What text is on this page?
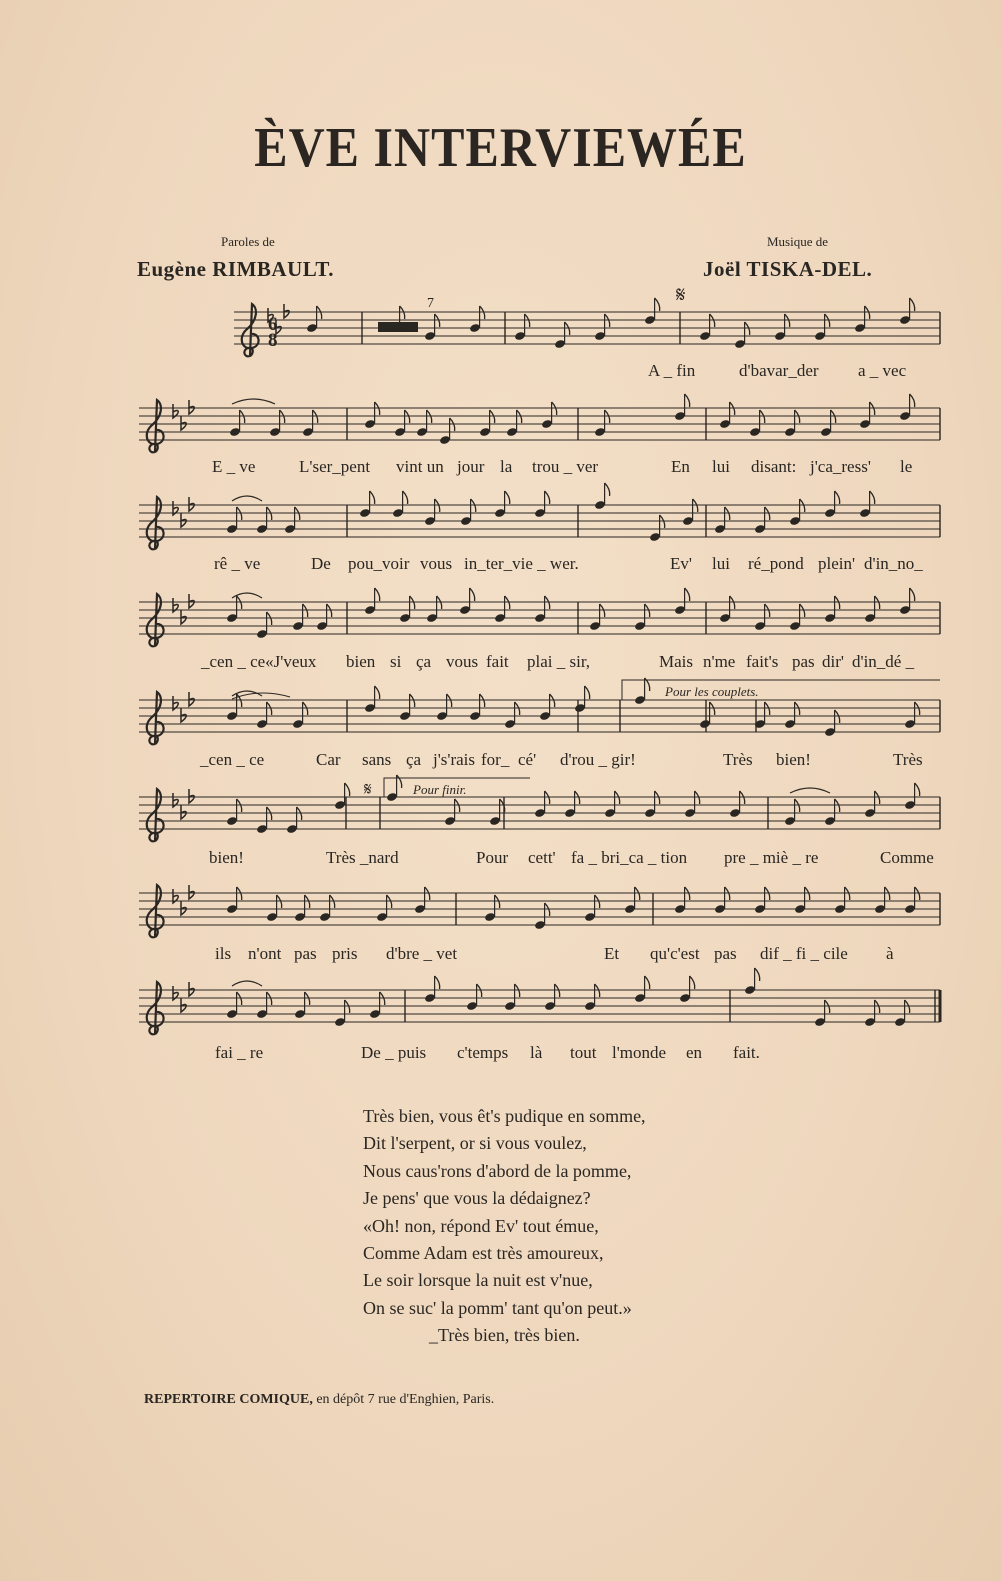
ÈVE INTERVIEWÉE
Paroles de
Eugène RIMBAULT.
Musique de
Joël TISKA-DEL.
6
8
𝄋
𝄋
7
Pour les couplets.
Pour finir.
A _ fin	d'bavar_der a _ vec
E _ ve	L'ser_pent vint un jour la trou _ ver	En lui disant: j'ca_ress' le
rê _ ve	De pou_voir vous in_ter_vie _ wer.	Ev' lui ré_pond plein' d'in_no_
_cen _ ce«J'veux bien si ça vous fait plai _ sir,	Mais n'me fait's pas dir' d'in_dé _
_cen _ ce	Car sans ça j's'rais for_ cé' d'rou _ gir!	Très bien!	Très
bien!	Très _nard	Pour cett' fa _ bri_ca _ tion pre _ miè _ re	Comme
ils n'ont pas pris d'bre _ vet	Et qu'c'est pas dif _ fi _ cile à
fai _ re	De _ puis c'temps là tout l'monde en fait.
Très bien, vous êt's pudique en somme,
Dit l'serpent, or si vous voulez,
Nous caus'rons d'abord de la pomme,
Je pens' que vous la dédaignez?
«Oh! non, répond Ev' tout émue,
Comme Adam est très amoureux,
Le soir lorsque la nuit est v'nue,
On se suc' la pomm' tant qu'on peut.»
_Très bien, très bien.
REPERTOIRE COMIQUE, en dépôt 7 rue d'Enghien, Paris.
